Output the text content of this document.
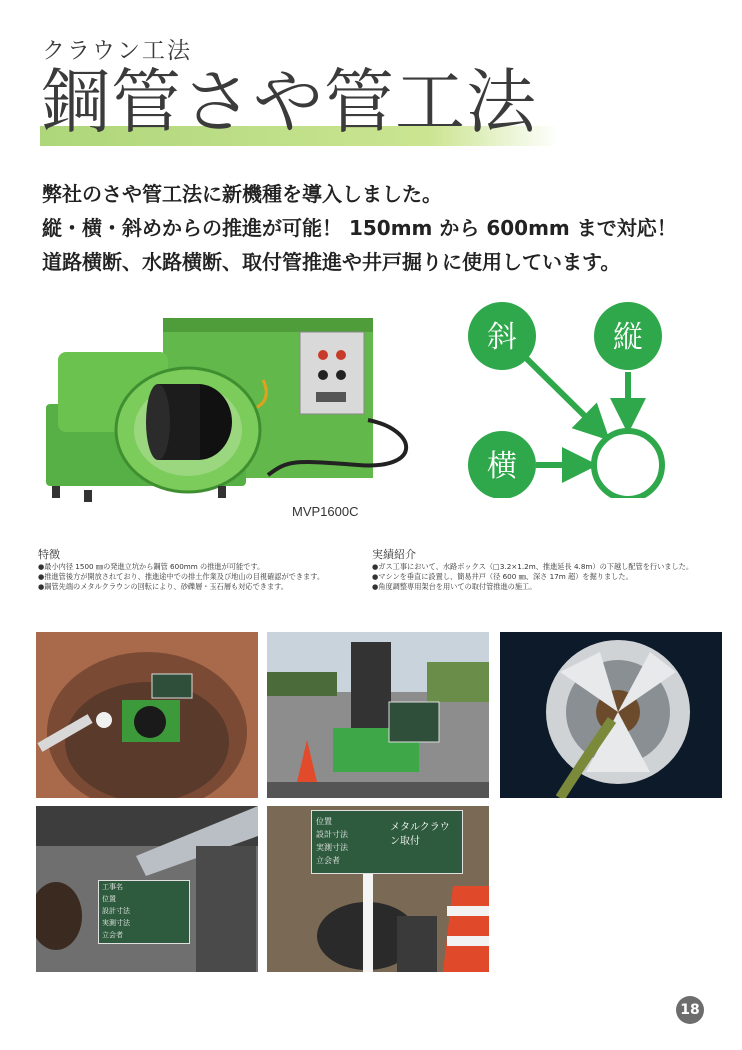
クラウン工法
鋼管さや管工法
弊社のさや管工法に新機種を導入しました。
縦・横・斜めからの推進が可能！ 150mm から 600mm まで対応！
道路横断、水路横断、取付管推進や井戸掘りに使用しています。
MVP1600C
斜	縦
横
特徴
●最小内径 1500 ㎜の発進立坑から鋼管 600mm の推進が可能です。
●推進管後方が開放されており、推進途中での排土作業及び地山の目視確認ができます。
●鋼管先端のメタルクラウンの回転により、砂礫層・玉石層も対応できます。
実績紹介
●ガス工事において、水路ボックス（□3.2×1.2m、推進延長 4.8m）の下越し配管を行いました。
●マシンを垂直に設置し、簡易井戸（径 600 ㎜、深さ 17m 超）を掘りました。
●角度調整専用架台を用いての取付管推進の施工。
工事名
位置
設計寸法
実測寸法
立会者
位置
設計寸法
実測寸法
立会者
メタルクラウン取付
18
